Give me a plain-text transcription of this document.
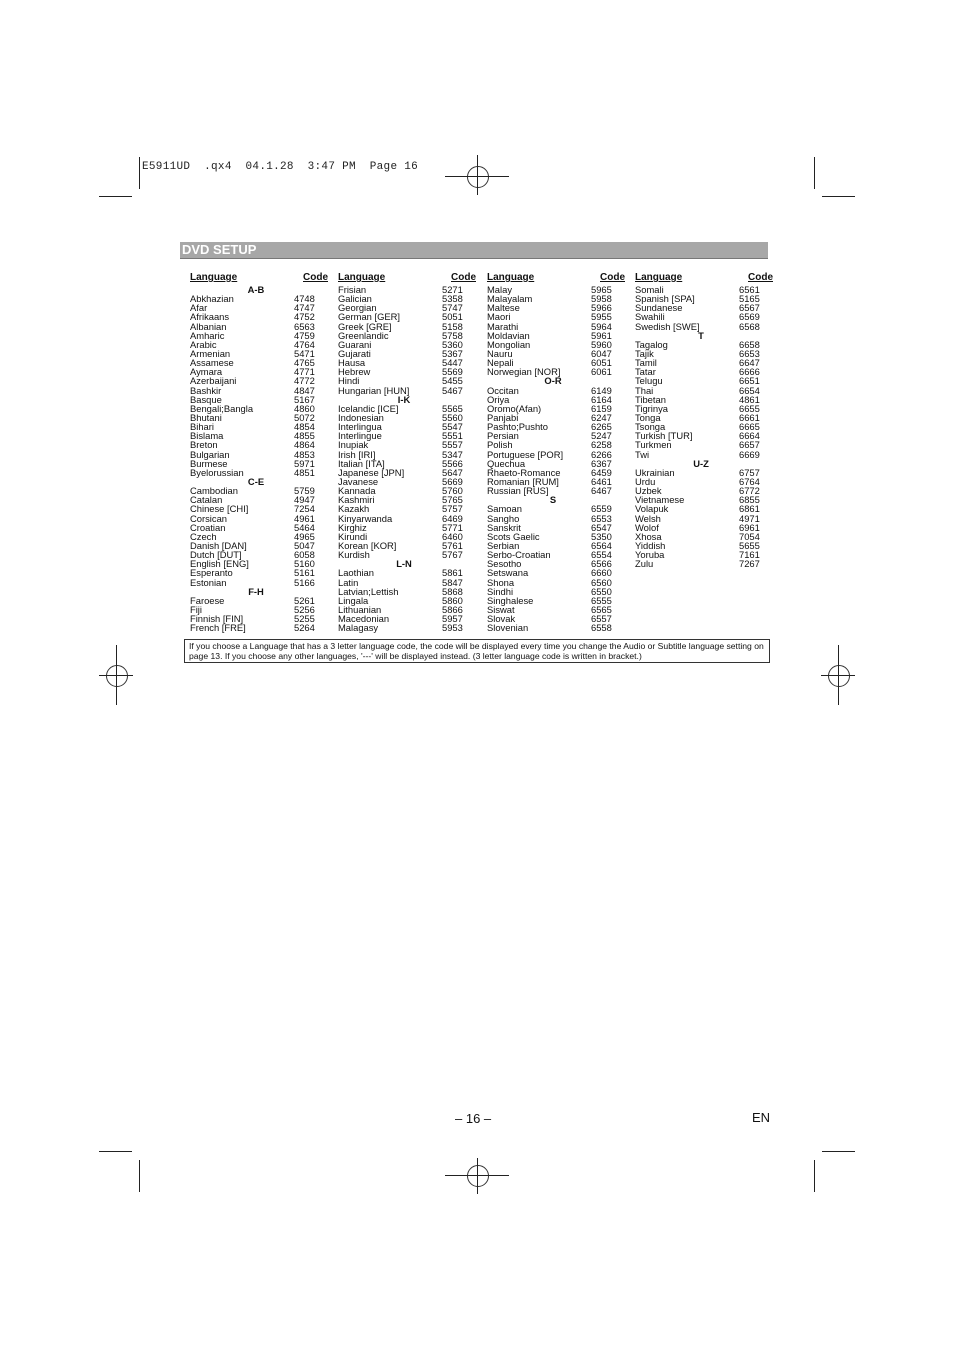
E5911UD  .qx4  04.1.28  3:47 PM  Page 16
DVD SETUP
Language	Code
A-B
Abkhazian	4748
Afar	4747
Afrikaans	4752
Albanian	6563
Amharic	4759
Arabic	4764
Armenian	5471
Assamese	4765
Aymara	4771
Azerbaijani	4772
Bashkir	4847
Basque	5167
Bengali;Bangla	4860
Bhutani	5072
Bihari	4854
Bislama	4855
Breton	4864
Bulgarian	4853
Burmese	5971
Byelorussian	4851
C-E
Cambodian	5759
Catalan	4947
Chinese [CHI]	7254
Corsican	4961
Croatian	5464
Czech	4965
Danish [DAN]	5047
Dutch [DUT]	6058
English [ENG]	5160
Esperanto	5161
Estonian	5166
F-H
Faroese	5261
Fiji	5256
Finnish [FIN]	5255
French [FRE]	5264
Language	Code
Frisian	5271
Galician	5358
Georgian	5747
German [GER]	5051
Greek [GRE]	5158
Greenlandic	5758
Guarani	5360
Gujarati	5367
Hausa	5447
Hebrew	5569
Hindi	5455
Hungarian [HUN]	5467
I-K
Icelandic [ICE]	5565
Indonesian	5560
Interlingua	5547
Interlingue	5551
Inupiak	5557
Irish [IRI]	5347
Italian [ITA]	5566
Japanese [JPN]	5647
Javanese	5669
Kannada	5760
Kashmiri	5765
Kazakh	5757
Kinyarwanda	6469
Kirghiz	5771
Kirundi	6460
Korean [KOR]	5761
Kurdish	5767
L-N
Laothian	5861
Latin	5847
Latvian;Lettish	5868
Lingala	5860
Lithuanian	5866
Macedonian	5957
Malagasy	5953
Language	Code
Malay	5965
Malayalam	5958
Maltese	5966
Maori	5955
Marathi	5964
Moldavian	5961
Mongolian	5960
Nauru	6047
Nepali	6051
Norwegian [NOR]	6061
O-R
Occitan	6149
Oriya	6164
Oromo(Afan)	6159
Panjabi	6247
Pashto;Pushto	6265
Persian	5247
Polish	6258
Portuguese [POR]	6266
Quechua	6367
Rhaeto-Romance	6459
Romanian [RUM]	6461
Russian [RUS]	6467
S
Samoan	6559
Sangho	6553
Sanskrit	6547
Scots Gaelic	5350
Serbian	6564
Serbo-Croatian	6554
Sesotho	6566
Setswana	6660
Shona	6560
Sindhi	6550
Singhalese	6555
Siswat	6565
Slovak	6557
Slovenian	6558
Language	Code
Somali	6561
Spanish [SPA]	5165
Sundanese	6567
Swahili	6569
Swedish [SWE]	6568
T
Tagalog	6658
Tajik	6653
Tamil	6647
Tatar	6666
Telugu	6651
Thai	6654
Tibetan	4861
Tigrinya	6655
Tonga	6661
Tsonga	6665
Turkish [TUR]	6664
Turkmen	6657
Twi	6669
U-Z
Ukrainian	6757
Urdu	6764
Uzbek	6772
Vietnamese	6855
Volapuk	6861
Welsh	4971
Wolof	6961
Xhosa	7054
Yiddish	5655
Yoruba	7161
Zulu	7267
If you choose a Language that has a 3 letter language code, the code will be displayed every time you change the Audio or Subtitle language setting on page 13. If you choose any other languages, '---' will be displayed instead. (3 letter language code is written in bracket.)
– 16 –	EN
